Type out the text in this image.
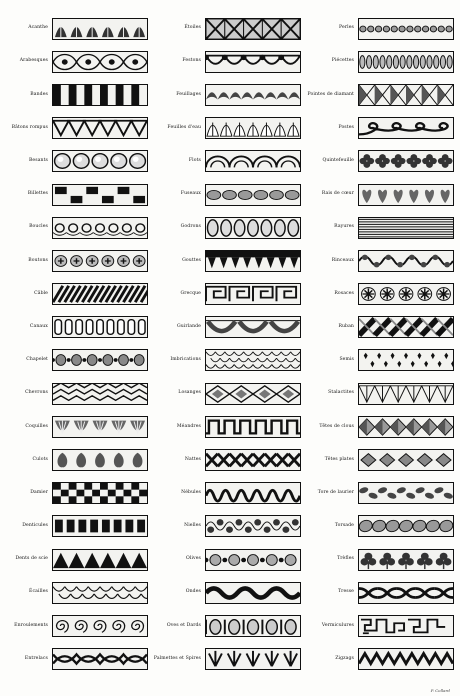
Acanthe	Étoiles	Perles
Arabesques	Festons	Piécettes
Bandes	Feuillages	Pointes de diamant
Bâtons rompus	Feuilles d'eau	Postes
Besants	Flots	Quintefeuille
Billettes	Fuseaux	Rais de cœur
Boucles	Godrons	Rayures
Boutons	Gouttes	Rinceaux
Câble	Grecque	Rosaces
Canaux	Guirlande	Ruban
Chapelet	Imbrications	Semis
Chevrons	Losanges	Stalactites
Coquilles	Méandres	Têtes de clous
Culots	Nattes	Têtes plates
Damier	Nébules	Tore de laurier
Denticules	Nielles	Torsade
Dents de scie	Olives	Trèfles
Écailles	Ondes	Tresse
Enroulements	Oves et Dards	Vermiculures
Entrelacs	Palmettes et Spires	Zigzags
P. Collard
